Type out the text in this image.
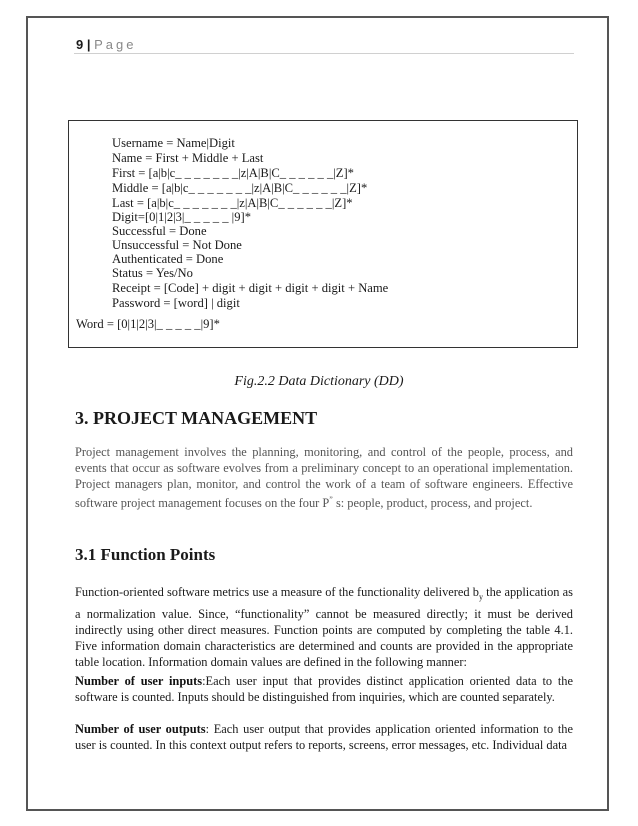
9 | Page
Username = Name|Digit
Name = First + Middle + Last
First = [a|b|c_ _ _ _ _ _ _|z|A|B|C_ _ _ _ _ _|Z]*
Middle = [a|b|c_ _ _ _ _ _ _|z|A|B|C_ _ _ _ _ _|Z]*
Last = [a|b|c_ _ _ _ _ _ _|z|A|B|C_ _ _ _ _ _|Z]*
Digit=[0|1|2|3|_ _ _ _ _ |9]*
Successful = Done
Unsuccessful = Not Done
Authenticated = Done
Status = Yes/No
Receipt = [Code] + digit + digit + digit + digit + Name
Password = [word] | digit
Word = [0|1|2|3|_ _ _ _ _|9]*
Fig.2.2 Data Dictionary (DD)
3. PROJECT MANAGEMENT
Project management involves the planning, monitoring, and control of the people, process, and events that occur as software evolves from a preliminary concept to an operational implementation. Project managers plan, monitor, and control the work of a team of software engineers. Effective software project management focuses on the four P” s: people, product, process, and project.
3.1 Function Points
Function-oriented software metrics use a measure of the functionality delivered $b_y$ the application as a normalization value. Since, “functionality” cannot be measured directly; it must be derived indirectly using other direct measures. Function points are computed by completing the table 4.1. Five information domain characteristics are determined and counts are provided in the appropriate table location. Information domain values are defined in the following manner:
Number of user inputs:Each user input that provides distinct application oriented data to the software is counted. Inputs should be distinguished from inquiries, which are counted separately.
Number of user outputs: Each user output that provides application oriented information to the user is counted. In this context output refers to reports, screens, error messages, etc. Individual data
